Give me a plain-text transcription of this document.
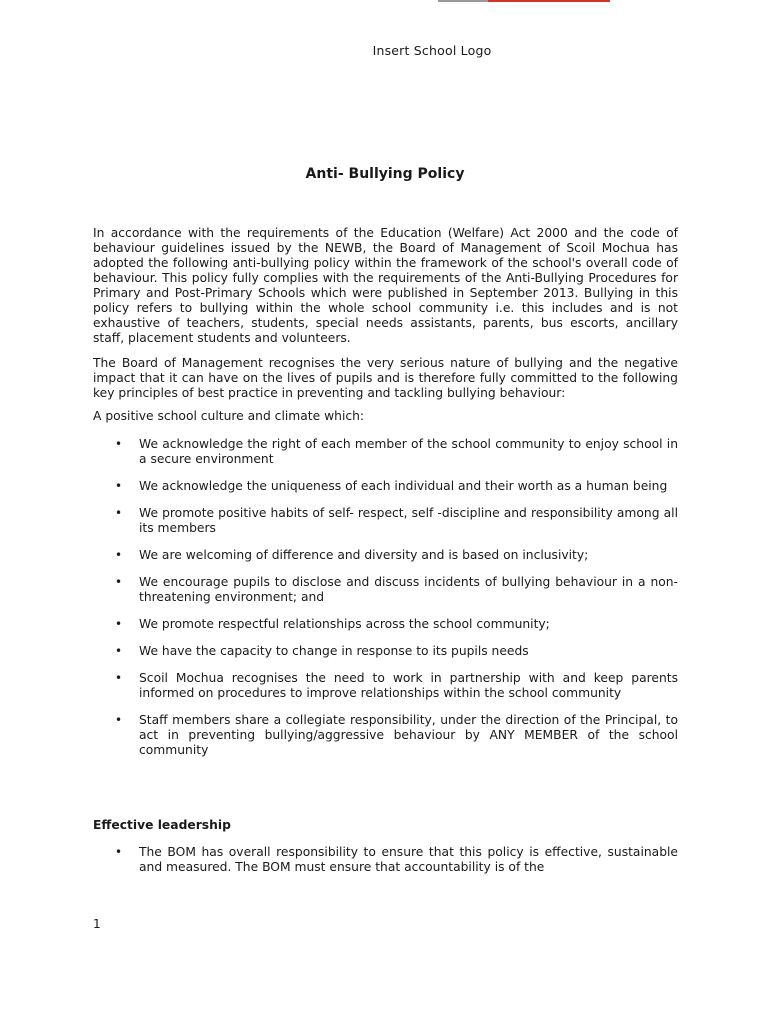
Insert School Logo
Anti- Bullying Policy

In accordance with the requirements of the Education (Welfare) Act 2000 and the code of behaviour guidelines issued by the NEWB, the Board of Management of Scoil Mochua has adopted the following anti-bullying policy within the framework of the school's overall code of behaviour. This policy fully complies with the requirements of the Anti-Bullying Procedures for Primary and Post-Primary Schools which were published in September 2013. Bullying in this policy refers to bullying within the whole school community i.e. this includes and is not exhaustive of teachers, students, special needs assistants, parents, bus escorts, ancillary staff, placement students and volunteers.

The Board of Management recognises the very serious nature of bullying and the negative impact that it can have on the lives of pupils and is therefore fully committed to the following key principles of best practice in preventing and tackling bullying behaviour:

A positive school culture and climate which:

• We acknowledge the right of each member of the school community to enjoy school in a secure environment
• We acknowledge the uniqueness of each individual and their worth as a human being
• We promote positive habits of self- respect, self -discipline and responsibility among all its members
• We are welcoming of difference and diversity and is based on inclusivity;
• We encourage pupils to disclose and discuss incidents of bullying behaviour in a non-threatening environment; and
• We promote respectful relationships across the school community;
• We have the capacity to change in response to its pupils needs
• Scoil Mochua recognises the need to work in partnership with and keep parents informed on procedures to improve relationships within the school community
• Staff members share a collegiate responsibility, under the direction of the Principal, to act in preventing bullying/aggressive behaviour by ANY MEMBER of the school community
Effective leadership
• The BOM has overall responsibility to ensure that this policy is effective, sustainable and measured. The BOM must ensure that accountability is of the
1
